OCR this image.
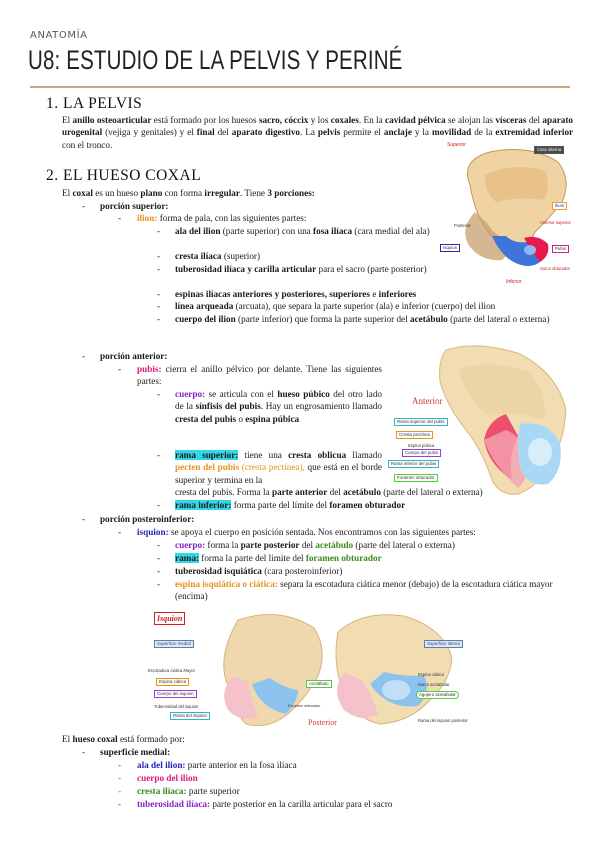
ANATOMÍA
U8: ESTUDIO DE LA PELVIS Y PERINÉ
1. LA PELVIS
El anillo osteoarticular está formado por los huesos sacro, cóccix y los coxales. En la cavidad pélvica se alojan las vísceras del aparato urogenital (vejiga y genitales) y el final del aparato digestivo. La pelvis permite el anclaje y la movilidad de la extremidad inferior con el tronco.
2. EL HUESO COXAL
El coxal es un hueso plano con forma irregular. Tiene 3 porciones:
- porción superior:
- ilion: forma de pala, con las siguientes partes:
- ala del ilion (parte superior) con una fosa ilíaca (cara medial del ala)
- cresta ilíaca (superior)
- tuberosidad ilíaca y carilla articular para el sacro (parte posterior)
- espinas ilíacas anteriores y posteriores, superiores e inferiores
- línea arqueada (arcuata), que separa la parte superior (ala) e inferior (cuerpo) del ilion
- cuerpo del ilion (parte inferior) que forma la parte superior del acetábulo (parte del lateral o externa)
- porción anterior:
- pubis: cierra el anillo pélvico por delante. Tiene las siguientes partes:
- cuerpo: se articula con el hueso púbico del otro lado de la sínfisis del pubis. Hay un engrosamiento llamado cresta del pubis o espina púbica
- rama superior: tiene una cresta oblicua llamado pecten del pubis (cresta pectínea), que está en el borde superior y termina en la
cresta del pubis. Forma la parte anterior del acetábulo (parte del lateral o externa)
- rama inferior: forma parte del límite del foramen obturador
- porción posteroinferior:
- isquion: se apoya el cuerpo en posición sentada. Nos encontramos con las siguientes partes:
- cuerpo: forma la parte posterior del acetábulo (parte del lateral o externa)
- rama: forma la parte del límite del foramen obturador
- tuberosidad isquiática (cara posteroinferior)
- espina isquiática o ciática: separa la escotadura ciática menor (debajo) de la escotadura ciática mayor (encima)
Superior
Cara interna
Posterior
Anterior superior
Ilium
Isquion	Pubis
Surco obturador
Inferior
Anterior
Rama superior del pubis
Cresta pectínea
Espina púbica
Cuerpo del pubis
Rama inferior del pubis
Foramen obturador
Isquion
Superficie medial	Superficie lateral
Escotadura ciática Mayor
Espina ciática
Cuerpo del isquion
Tuberosidad del isquion
Rama del isquion
Acetábulo
Foramen obturador
Posterior
Espina ciática
Surco acetabular
Agujero acetabular
Rama del isquion posterior
El hueso coxal está formado por:
- superficie medial:
- ala del ilion: parte anterior en la fosa ilíaca
- cuerpo del ilion
- cresta ilíaca: parte superior
- tuberosidad ilíaca: parte posterior en la carilla articular para el sacro
